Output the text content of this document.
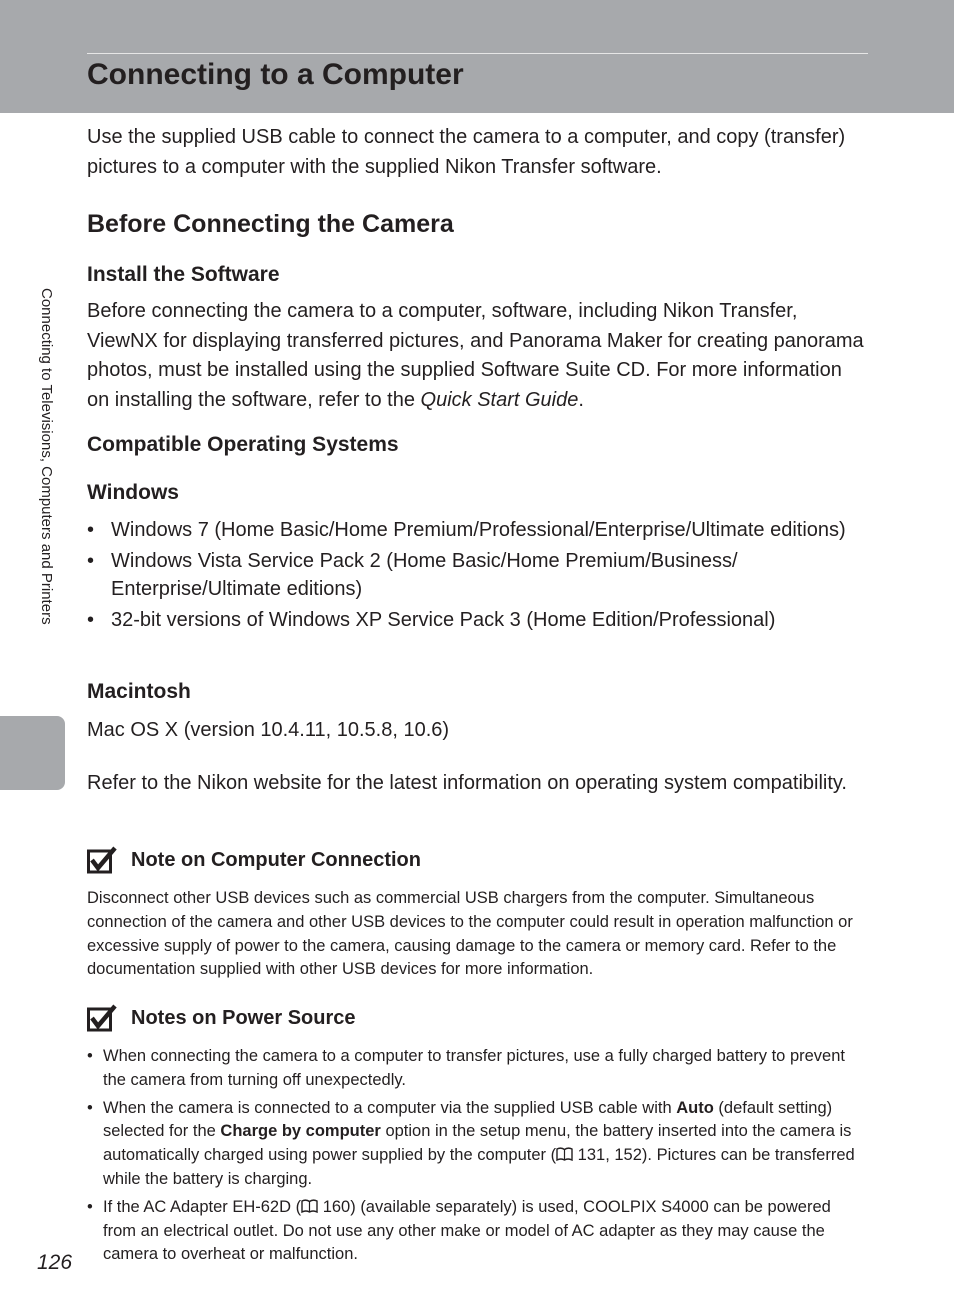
Connecting to a Computer
Connecting to Televisions, Computers and Printers

Use the supplied USB cable to connect the camera to a computer, and copy (transfer) pictures to a computer with the supplied Nikon Transfer software.

Before Connecting the Camera
Install the Software

Before connecting the camera to a computer, software, including Nikon Transfer, ViewNX for displaying transferred pictures, and Panorama Maker for creating panorama photos, must be installed using the supplied Software Suite CD. For more information on installing the software, refer to the Quick Start Guide.

Compatible Operating Systems
Windows
• Windows 7 (Home Basic/Home Premium/Professional/Enterprise/Ultimate editions)
• Windows Vista Service Pack 2 (Home Basic/Home Premium/Business/ Enterprise/Ultimate editions)
• 32-bit versions of Windows XP Service Pack 3 (Home Edition/Professional)
Macintosh

Mac OS X (version 10.4.11, 10.5.8, 10.6)

Refer to the Nikon website for the latest information on operating system compatibility.

Note on Computer Connection

Disconnect other USB devices such as commercial USB chargers from the computer. Simultaneous connection of the camera and other USB devices to the computer could result in operation malfunction or excessive supply of power to the camera, causing damage to the camera or memory card. Refer to the documentation supplied with other USB devices for more information.

Notes on Power Source
• When connecting the camera to a computer to transfer pictures, use a fully charged battery to prevent the camera from turning off unexpectedly.
• When the camera is connected to a computer via the supplied USB cable with Auto (default setting) selected for the Charge by computer option in the setup menu, the battery inserted into the camera is automatically charged using power supplied by the computer ( 131, 152). Pictures can be transferred while the battery is charging.
• If the AC Adapter EH-62D ( 160) (available separately) is used, COOLPIX S4000 can be powered from an electrical outlet. Do not use any other make or model of AC adapter as they may cause the camera to overheat or malfunction.
126
